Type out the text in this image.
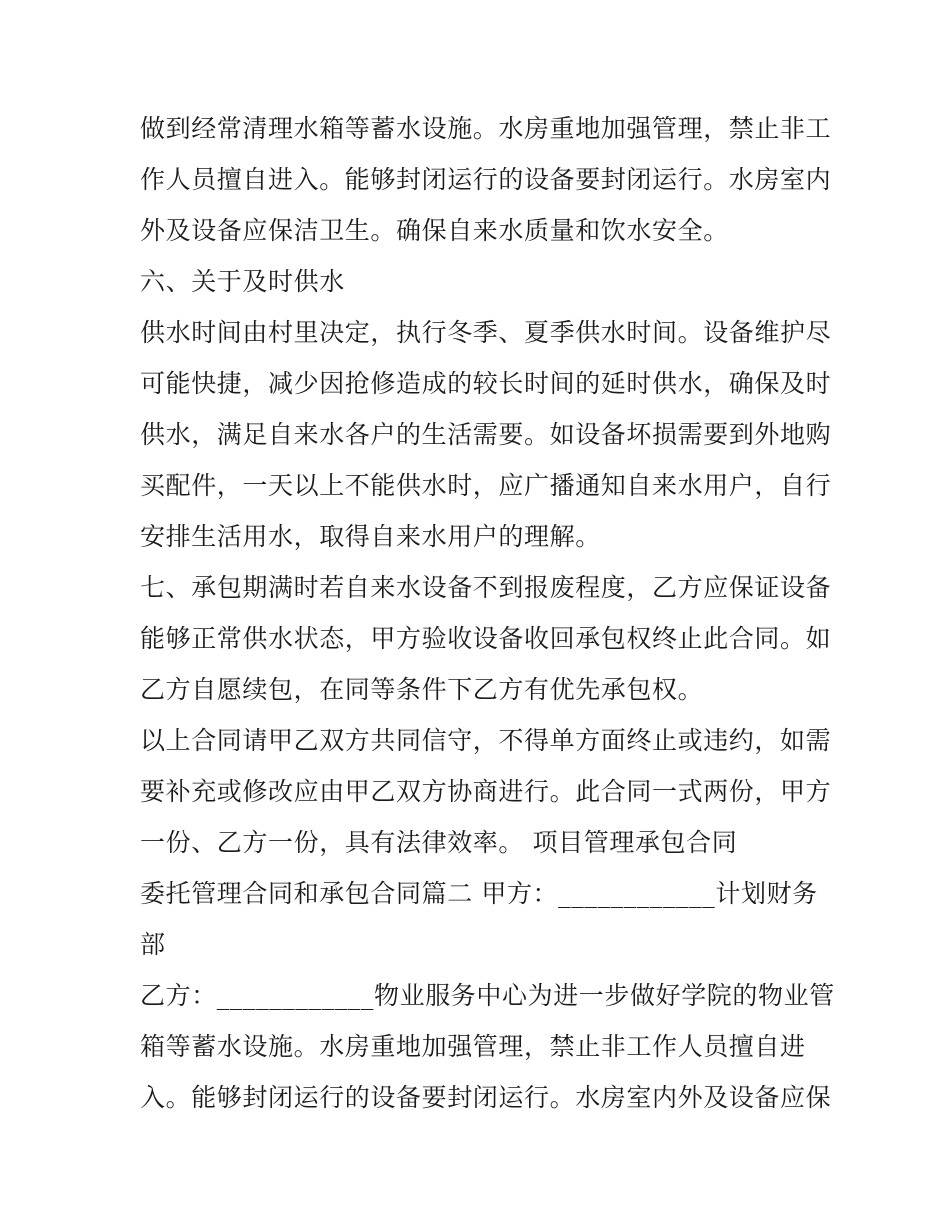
做到经常清理水箱等蓄水设施。水房重地加强管理，禁止非工

作人员擅自进入。能够封闭运行的设备要封闭运行。水房室内

外及设备应保洁卫生。确保自来水质量和饮水安全。

六、关于及时供水

供水时间由村里决定，执行冬季、夏季供水时间。设备维护尽

可能快捷，减少因抢修造成的较长时间的延时供水，确保及时

供水，满足自来水各户的生活需要。如设备坏损需要到外地购

买配件，一天以上不能供水时，应广播通知自来水用户，自行

安排生活用水，取得自来水用户的理解。

七、承包期满时若自来水设备不到报废程度，乙方应保证设备

能够正常供水状态，甲方验收设备收回承包权终止此合同。如

乙方自愿续包，在同等条件下乙方有优先承包权。

以上合同请甲乙双方共同信守，不得单方面终止或违约，如需

要补充或修改应由甲乙双方协商进行。此合同一式两份，甲方

一份、乙方一份，具有法律效率。 项目管理承包合同

委托管理合同和承包合同篇二 甲方：____________计划财务

部

乙方：____________物业服务中心为进一步做好学院的物业管

箱等蓄水设施。水房重地加强管理，禁止非工作人员擅自进

入。能够封闭运行的设备要封闭运行。水房室内外及设备应保
